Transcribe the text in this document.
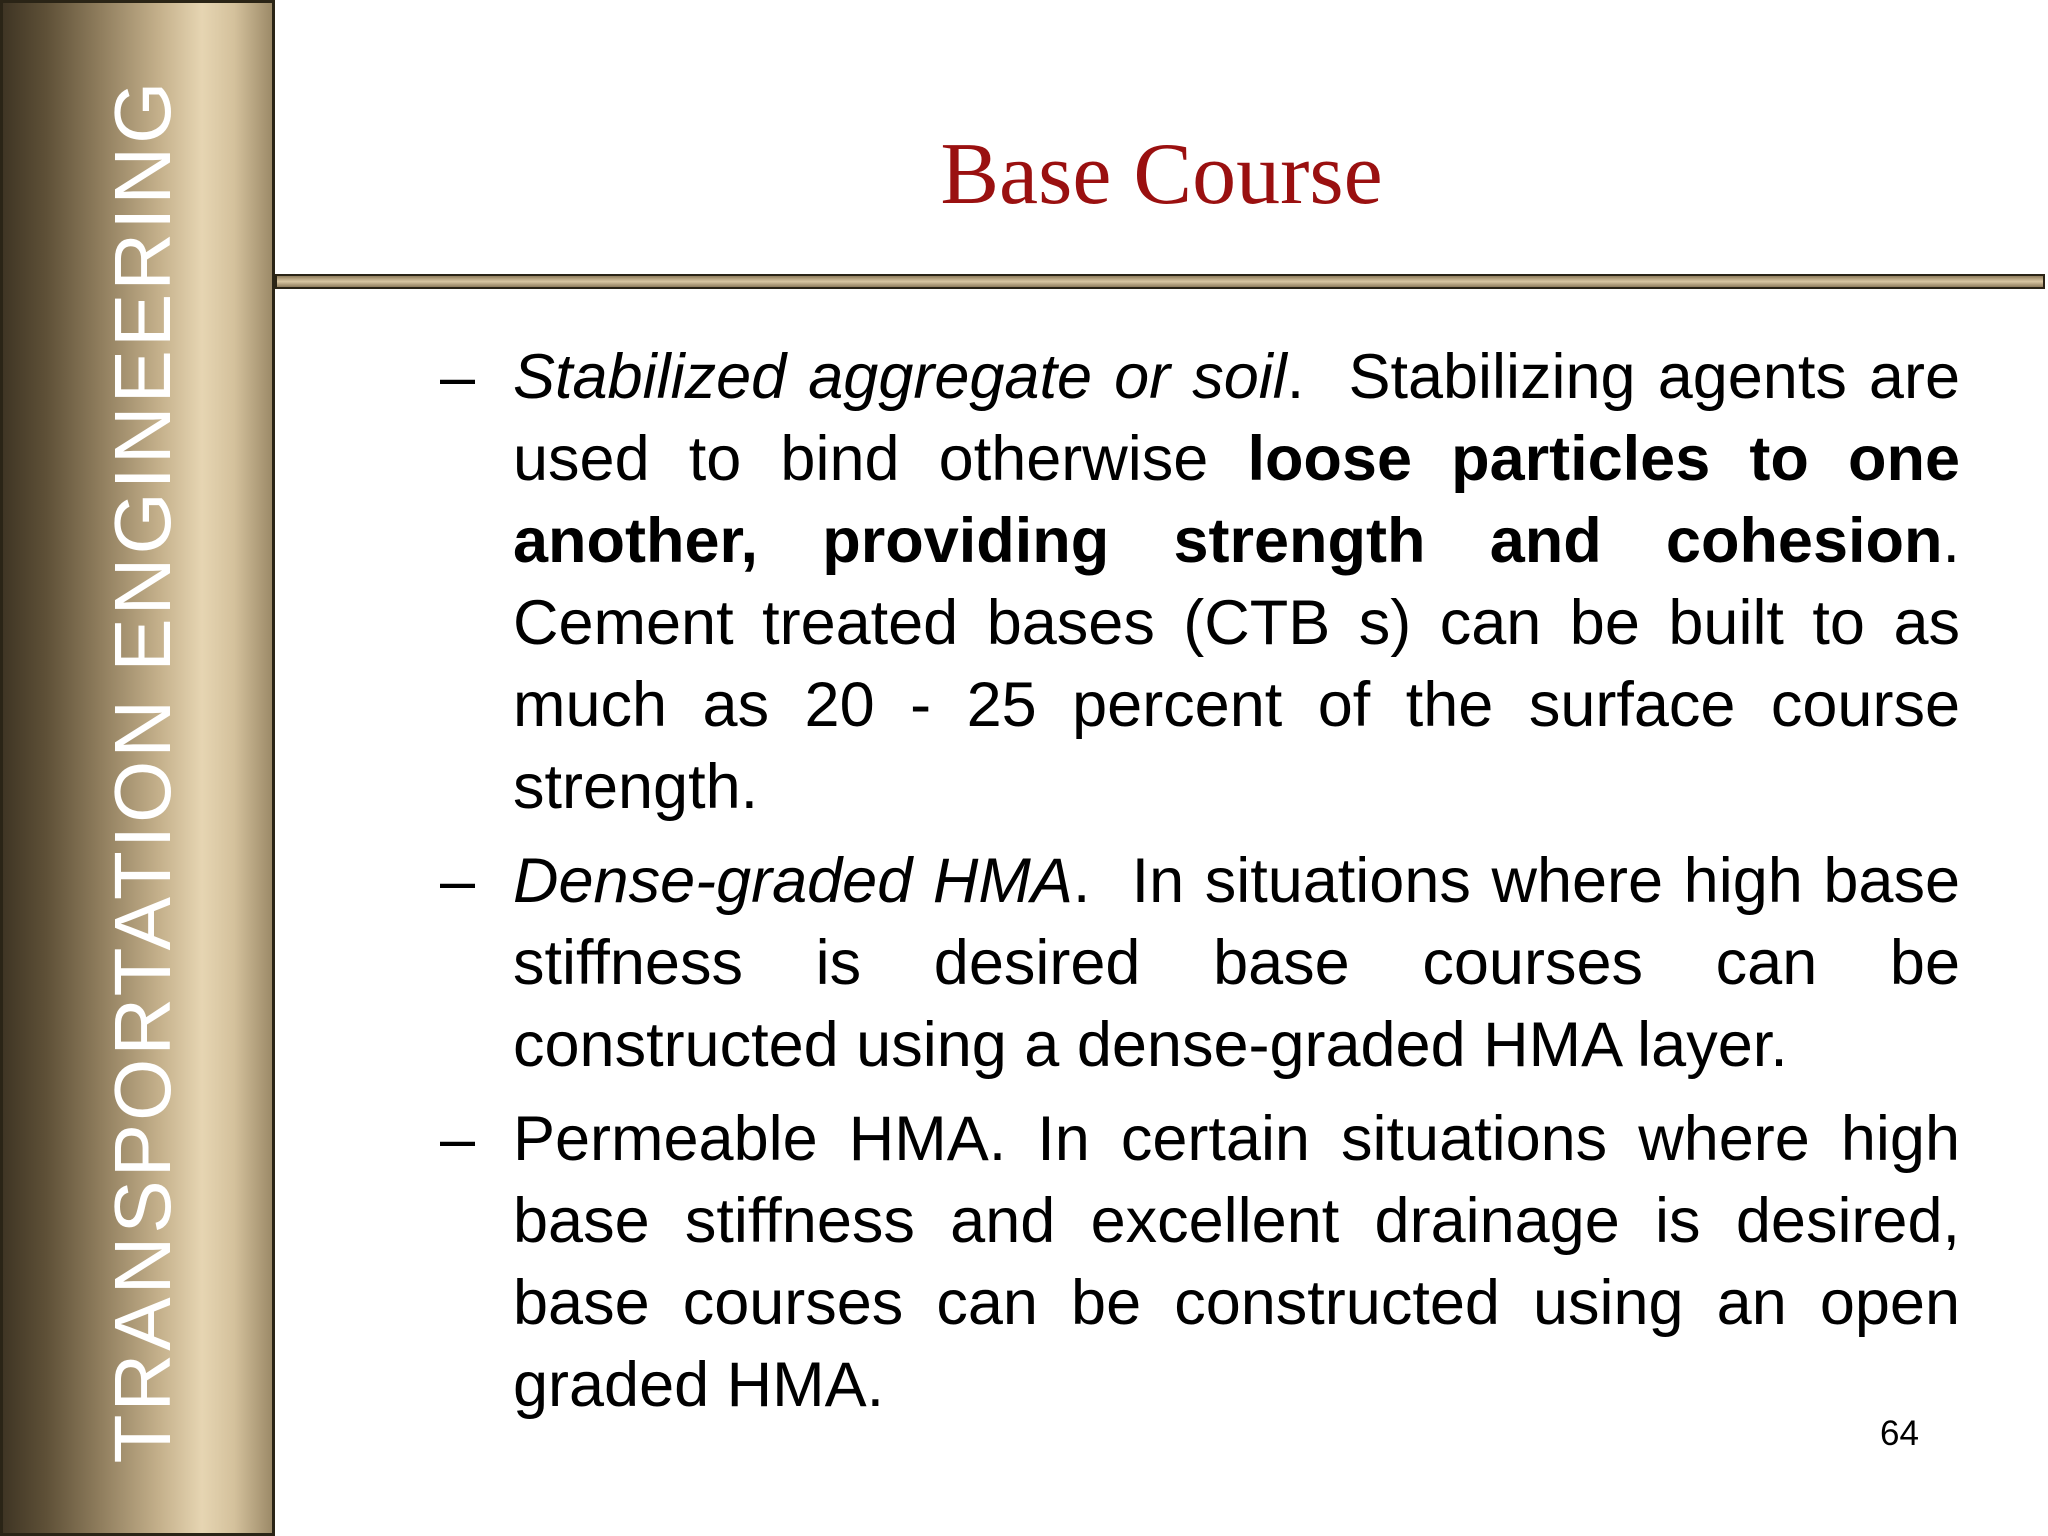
TRANSPORTATION ENGINEERING	Base Course
– Stabilized aggregate or soil. Stabilizing agents are used to bind otherwise loose particles to one another, providing strength and cohesion. Cement treated bases (CTB s) can be built to as much as 20 - 25 percent of the surface course strength.
– Dense-graded HMA. In situations where high base stiffness is desired base courses can be constructed using a dense-graded HMA layer.
– Permeable HMA. In certain situations where high base stiffness and excellent drainage is desired, base courses can be constructed using an open graded HMA.
64
